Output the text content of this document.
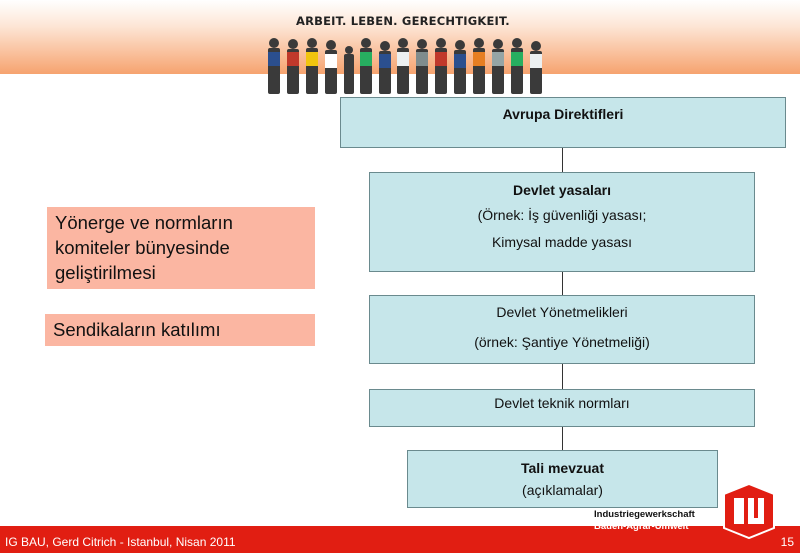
ARBEIT. LEBEN. GERECHTIGKEIT.
Avrupa Direktifleri
Devlet yasaları
(Örnek: İş güvenliği yasası;
Kimysal madde yasası
Devlet Yönetmelikleri
(örnek: Şantiye Yönetmeliği)
Devlet teknik normları
Tali mevzuat
(açıklamalar)
Yönerge ve normların
komiteler bünyesinde
geliştirilmesi
Sendikaların katılımı
IG BAU, Gerd Citrich - Istanbul, Nisan 2011	15
Industriegewerkschaft
Bauen-Agrar-Umwelt
